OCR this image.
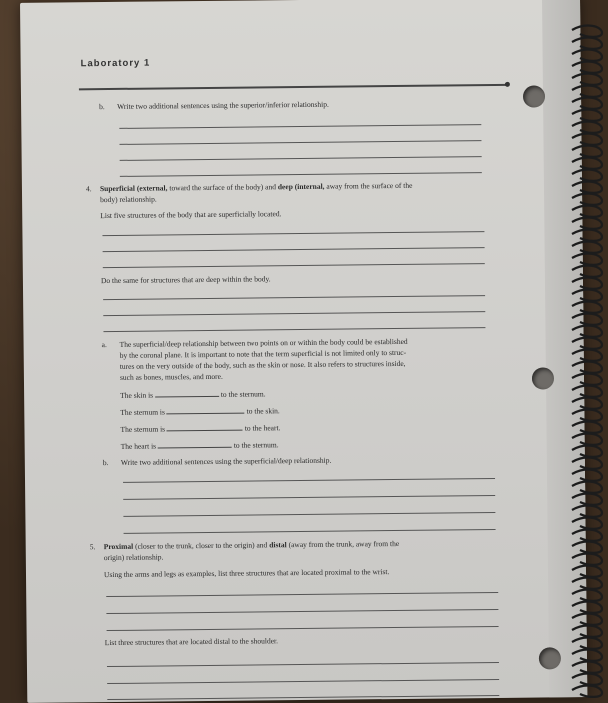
Laboratory 1
b. Write two additional sentences using the superior/inferior relationship.
4. Superficial (external, toward the surface of the body) and deep (internal, away from the surface of the
body) relationship.
List five structures of the body that are superficially located.
Do the same for structures that are deep within the body.
a. The superficial/deep relationship between two points on or within the body could be established
by the coronal plane. It is important to note that the term superficial is not limited only to struc-
tures on the very outside of the body, such as the skin or nose. It also refers to structures inside,
such as bones, muscles, and more.
The skin is	to the sternum.
The sternum is	to the skin.
The sternum is	to the heart.
The heart is	to the sternum.
b. Write two additional sentences using the superficial/deep relationship.
5. Proximal (closer to the trunk, closer to the origin) and distal (away from the trunk, away from the
origin) relationship.
Using the arms and legs as examples, list three structures that are located proximal to the wrist.
List three structures that are located distal to the shoulder.
